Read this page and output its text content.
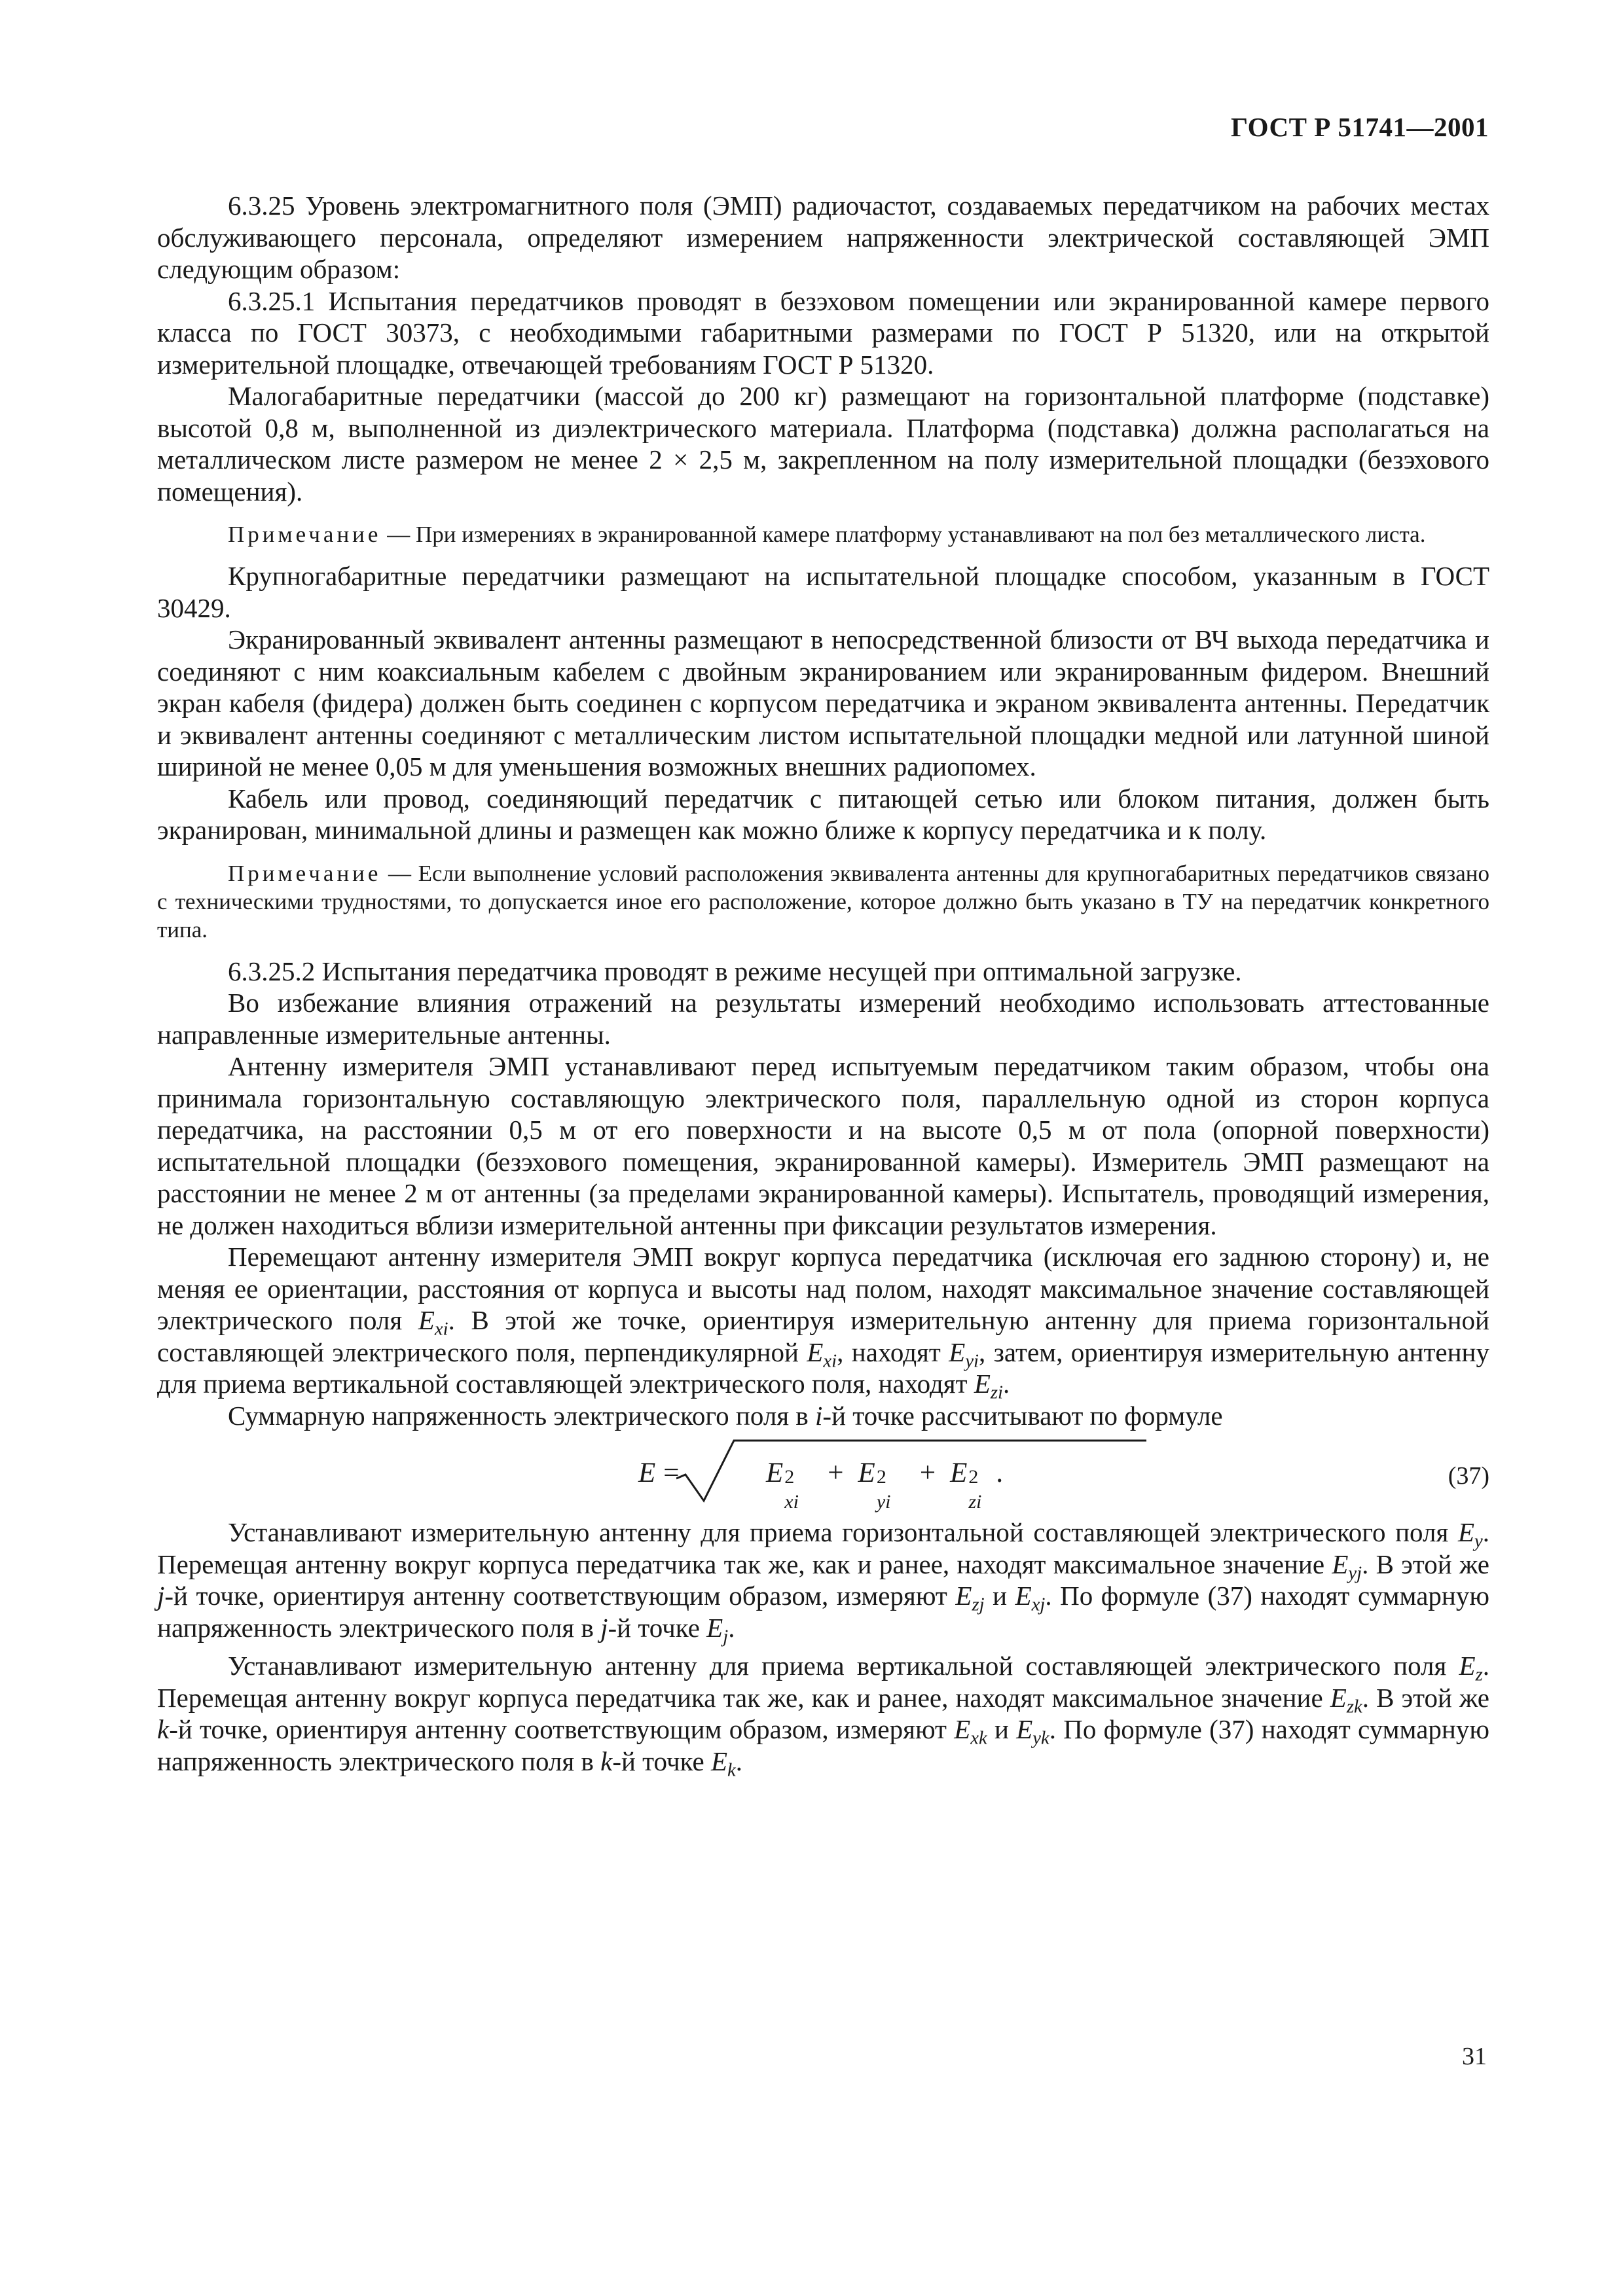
ГОСТ Р 51741—2001

6.3.25 Уровень электромагнитного поля (ЭМП) радиочастот, создаваемых передатчиком на рабочих местах обслуживающего персонала, определяют измерением напряженности электрической составляющей ЭМП следующим образом:

6.3.25.1 Испытания передатчиков проводят в безэховом помещении или экранированной камере первого класса по ГОСТ 30373, с необходимыми габаритными размерами по ГОСТ Р 51320, или на открытой измерительной площадке, отвечающей требованиям ГОСТ Р 51320.

Малогабаритные передатчики (массой до 200 кг) размещают на горизонтальной платформе (подставке) высотой 0,8 м, выполненной из диэлектрического материала. Платформа (подставка) должна располагаться на металлическом листе размером не менее 2 × 2,5 м, закрепленном на полу измерительной площадки (безэхового помещения).

Примечание — При измерениях в экранированной камере платформу устанавливают на пол без металлического листа.

Крупногабаритные передатчики размещают на испытательной площадке способом, указанным в ГОСТ 30429.

Экранированный эквивалент антенны размещают в непосредственной близости от ВЧ выхода передатчика и соединяют с ним коаксиальным кабелем с двойным экранированием или экранированным фидером. Внешний экран кабеля (фидера) должен быть соединен с корпусом передатчика и экраном эквивалента антенны. Передатчик и эквивалент антенны соединяют с металлическим листом испытательной площадки медной или латунной шиной шириной не менее 0,05 м для уменьшения возможных внешних радиопомех.

Кабель или провод, соединяющий передатчик с питающей сетью или блоком питания, должен быть экранирован, минимальной длины и размещен как можно ближе к корпусу передатчика и к полу.

Примечание — Если выполнение условий расположения эквивалента антенны для крупногабаритных передатчиков связано с техническими трудностями, то допускается иное его расположение, которое должно быть указано в ТУ на передатчик конкретного типа.

6.3.25.2 Испытания передатчика проводят в режиме несущей при оптимальной загрузке.

Во избежание влияния отражений на результаты измерений необходимо использовать аттестованные направленные измерительные антенны.

Антенну измерителя ЭМП устанавливают перед испытуемым передатчиком таким образом, чтобы она принимала горизонтальную составляющую электрического поля, параллельную одной из сторон корпуса передатчика, на расстоянии 0,5 м от его поверхности и на высоте 0,5 м от пола (опорной поверхности) испытательной площадки (безэхового помещения, экранированной камеры). Измеритель ЭМП размещают на расстоянии не менее 2 м от антенны (за пределами экранированной камеры). Испытатель, проводящий измерения, не должен находиться вблизи измерительной антенны при фиксации результатов измерения.

Перемещают антенну измерителя ЭМП вокруг корпуса передатчика (исключая его заднюю сторону) и, не меняя ее ориентации, расстояния от корпуса и высоты над полом, находят максимальное значение составляющей электрического поля $E_{xi}$. В этой же точке, ориентируя измерительную антенну для приема горизонтальной составляющей электрического поля, перпендикулярной $E_{xi}$, находят $E_{yi}$, затем, ориентируя измерительную антенну для приема вертикальной составляющей электрического поля, находят $E_{zi}$.

Суммарную напряженность электрического поля в i-й точке рассчитывают по формуле

E =	E 2
xi
+ E 2
yi
+ E 2
zi
.	(37)

Устанавливают измерительную антенну для приема горизонтальной составляющей электрического поля $E_y$. Перемещая антенну вокруг корпуса передатчика так же, как и ранее, находят максимальное значение $E_{yj}$. В этой же j-й точке, ориентируя антенну соответствующим образом, измеряют $E_{zj}$ и $E_{xj}$. По формуле (37) находят суммарную напряженность электрического поля в j-й точке $E_j$.

Устанавливают измерительную антенну для приема вертикальной составляющей электрического поля $E_z$. Перемещая антенну вокруг корпуса передатчика так же, как и ранее, находят максимальное значение $E_{zk}$. В этой же k-й точке, ориентируя антенну соответствующим образом, измеряют $E_{xk}$ и $E_{yk}$. По формуле (37) находят суммарную напряженность электрического поля в k-й точке $E_k$.

31
